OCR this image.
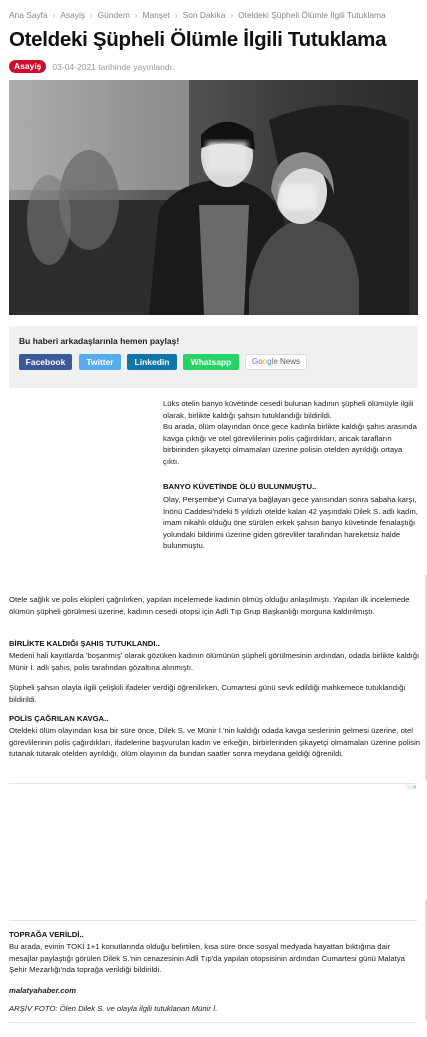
Ana Sayfa › Asayiş › Gündem › Manşet › Son Dakika › Oteldeki Şüpheli Ölümle İlgili Tutuklama
Oteldeki Şüpheli Ölümle İlgili Tutuklama
Asayiş	03-04-2021 tarihinde yayınlandı.
Bu haberi arkadaşlarınla hemen paylaş!
Facebook	Twitter	Linkedin	Whatsapp	Google News

Lüks otelin banyo küvetinde cesedi bulunan kadının şüpheli ölümüyle ilgili olarak, birlikte kaldığı şahsın tutuklandığı bildirildi.

Bu arada, ölüm olayından önce gece kadınla birlikte kaldığı şahıs arasında kavga çıktığı ve otel görevlilerinin polis çağırdıkları, ancak tarafların birbirinden şikayetçi olmamaları üzerine polisin otelden ayrıldığı ortaya çıktı.

BANYO KÜVETİNDE ÖLÜ BULUNMUŞTU..

Olay, Perşembe'yi Cuma'ya bağlayan gece yarısından sonra sabaha karşı, İnönü Caddesi'ndeki 5 yıldızlı otelde kalan 42 yaşındaki Dilek S. adlı kadın, imam nikahlı olduğu öne sürülen erkek şahsın banyo küvetinde fenalaştığı yolundaki bildirimi üzerine giden görevliler tarafından hareketsiz halde bulunmuştu.

Otele sağlık ve polis ekipleri çağrılırken, yapılan incelemede kadının ölmüş olduğu anlaşılmıştı. Yapılan ilk incelemede ölümün şüpheli görülmesi üzerine, kadının cesedi otopsi için Adli Tıp Grup Başkanlığı morguna kaldırılmıştı.

BİRLİKTE KALDIĞI ŞAHIS TUTUKLANDI..

Medeni hali kayıtlarda 'boşanmış' olarak gözüken kadının ölümünün şüpheli görülmesinin ardından, odada birlikte kaldığı Münir İ. adlı şahıs, polis tarafından gözaltına alınmıştı.

Şüpheli şahsın olayla ilgili çelişkili ifadeler verdiği öğrenilirken, Cumartesi günü sevk edildiği mahkemece tutuklandığı bildirildi.

POLİS ÇAĞRILAN KAVGA..

Oteldeki ölüm olayından kısa bir süre önce, Dilek S. ve Münir İ.'nin kaldığı odada kavga seslerinin gelmesi üzerine, otel görevlilerinin polis çağırdıkları, ifadelerine başvurulan kadın ve erkeğin, birbirlerinden şikayetçi olmamaları üzerine polisin tutanak tutarak otelden ayrıldığı, ölüm olayının da bundan saatler sonra meydana geldiği öğrenildi.

ⓘ✕

TOPRAĞA VERİLDİ..

Bu arada, evinin TOKİ 1+1 konutlarında olduğu belirtilen, kısa süre önce sosyal medyada hayattan bıktığına dair mesajlar paylaştığı görülen Dilek S.'nin cenazesinin Adli Tıp'da yapılan otopsisinin ardından Cumartesi günü Malatya Şehir Mezarlığı'nda toprağa verildiği bildirildi.

malatyahaber.com

ARŞİV FOTO: Ölen Dilek S. ve olayla ilgili tutuklanan Münir İ.
